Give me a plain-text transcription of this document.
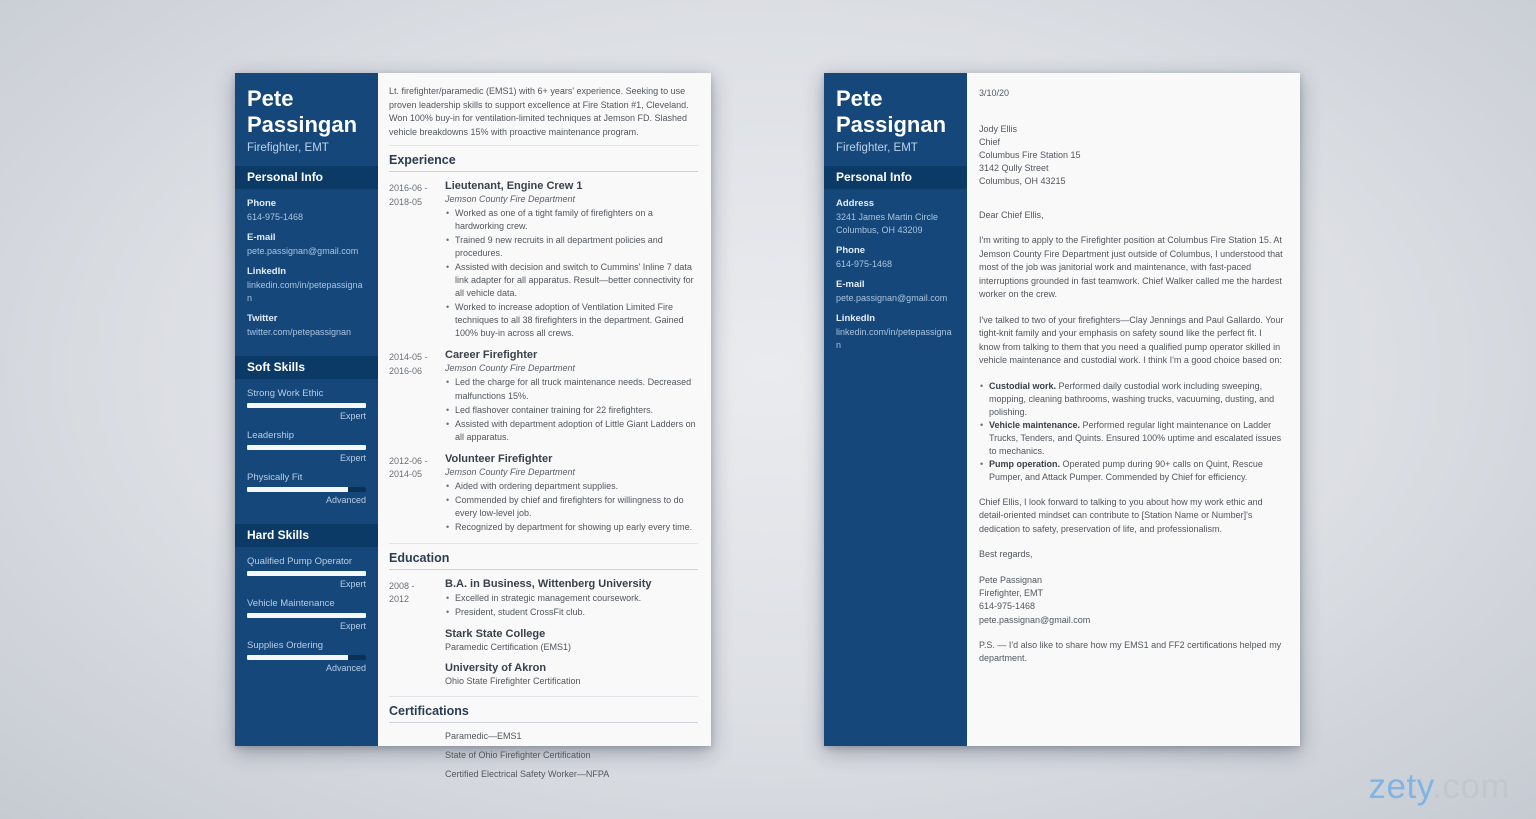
Pete
Passingan
Firefighter, EMT
Personal Info
Phone
614-975-1468
E-mail
pete.passignan@gmail.com
LinkedIn
linkedin.com/in/petepassignan
Twitter
twitter.com/petepassignan
Soft Skills
Strong Work Ethic
Expert
Leadership
Expert
Physically Fit
Advanced
Hard Skills
Qualified Pump Operator
Expert
Vehicle Maintenance
Expert
Supplies Ordering
Advanced

Lt. firefighter/paramedic (EMS1) with 6+ years' experience. Seeking to use proven leadership skills to support excellence at Fire Station #1, Cleveland. Won 100% buy-in for ventilation-limited techniques at Jemson FD. Slashed vehicle breakdowns 15% with proactive maintenance program.

Experience
2016-06 -
2018-05
Lieutenant, Engine Crew 1
Jemson County Fire Department
• Worked as one of a tight family of firefighters on a hardworking crew.
• Trained 9 new recruits in all department policies and procedures.
• Assisted with decision and switch to Cummins' Inline 7 data link adapter for all apparatus. Result—better connectivity for all vehicle data.
• Worked to increase adoption of Ventilation Limited Fire techniques to all 38 firefighters in the department. Gained 100% buy-in across all crews.
2014-05 -
2016-06
Career Firefighter
Jemson County Fire Department
• Led the charge for all truck maintenance needs. Decreased malfunctions 15%.
• Led flashover container training for 22 firefighters.
• Assisted with department adoption of Little Giant Ladders on all apparatus.
2012-06 -
2014-05
Volunteer Firefighter
Jemson County Fire Department
• Aided with ordering department supplies.
• Commended by chief and firefighters for willingness to do every low-level job.
• Recognized by department for showing up early every time.
Education
2008 -
2012
B.A. in Business, Wittenberg University
• Excelled in strategic management coursework.
• President, student CrossFit club.
Stark State College
Paramedic Certification (EMS1)
University of Akron
Ohio State Firefighter Certification
Certifications
Paramedic—EMS1
State of Ohio Firefighter Certification
Certified Electrical Safety Worker—NFPA
Pete
Passignan
Firefighter, EMT
Personal Info
Address
3241 James Martin Circle
Columbus, OH 43209
Phone
614-975-1468
E-mail
pete.passignan@gmail.com
LinkedIn
linkedin.com/in/petepassignan
3/10/20
Jody Ellis
Chief
Columbus Fire Station 15
3142 Qully Street
Columbus, OH 43215

Dear Chief Ellis,

I'm writing to apply to the Firefighter position at Columbus Fire Station 15. At Jemson County Fire Department just outside of Columbus, I understood that most of the job was janitorial work and maintenance, with fast-paced interruptions grounded in fast teamwork. Chief Walker called me the hardest worker on the crew.

I've talked to two of your firefighters—Clay Jennings and Paul Gallardo. Your tight-knit family and your emphasis on safety sound like the perfect fit. I know from talking to them that you need a qualified pump operator skilled in vehicle maintenance and custodial work. I think I'm a good choice based on:

• Custodial work. Performed daily custodial work including sweeping, mopping, cleaning bathrooms, washing trucks, vacuuming, dusting, and polishing.
• Vehicle maintenance. Performed regular light maintenance on Ladder Trucks, Tenders, and Quints. Ensured 100% uptime and escalated issues to mechanics.
• Pump operation. Operated pump during 90+ calls on Quint, Rescue Pumper, and Attack Pumper. Commended by Chief for efficiency.

Chief Ellis, I look forward to talking to you about how my work ethic and detail-oriented mindset can contribute to [Station Name or Number]'s dedication to safety, preservation of life, and professionalism.

Best regards,

Pete Passignan
Firefighter, EMT
614-975-1468
pete.passignan@gmail.com

P.S. — I'd also like to share how my EMS1 and FF2 certifications helped my department.

zety.com
